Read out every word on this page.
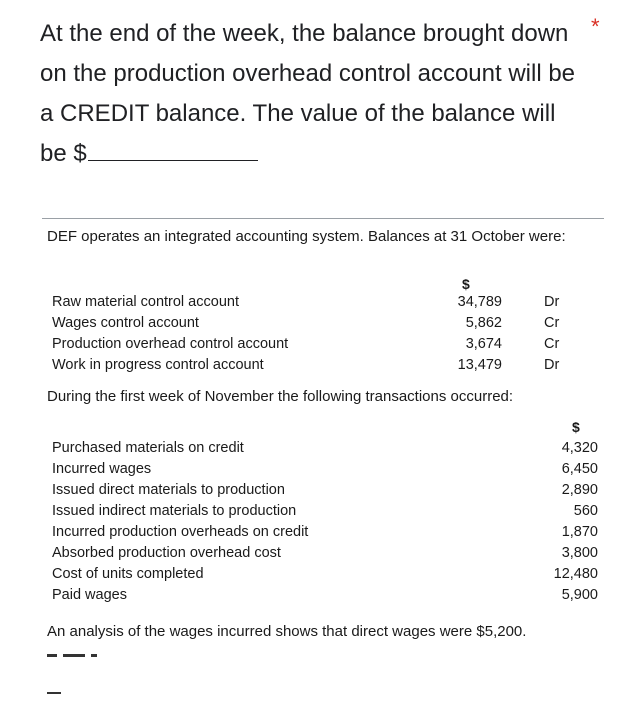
At the end of the week, the balance brought down on the production overhead control account will be a CREDIT balance. The value of the balance will be $
*
DEF operates an integrated accounting system. Balances at 31 October were:
$
Raw material control account	34,789	Dr
Wages control account	5,862	Cr
Production overhead control account	3,674	Cr
Work in progress control account	13,479	Dr
During the first week of November the following transactions occurred:
$
Purchased materials on credit	4,320
Incurred wages	6,450
Issued direct materials to production	2,890
Issued indirect materials to production	560
Incurred production overheads on credit	1,870
Absorbed production overhead cost	3,800
Cost of units completed	12,480
Paid wages	5,900
An analysis of the wages incurred shows that direct wages were $5,200.
